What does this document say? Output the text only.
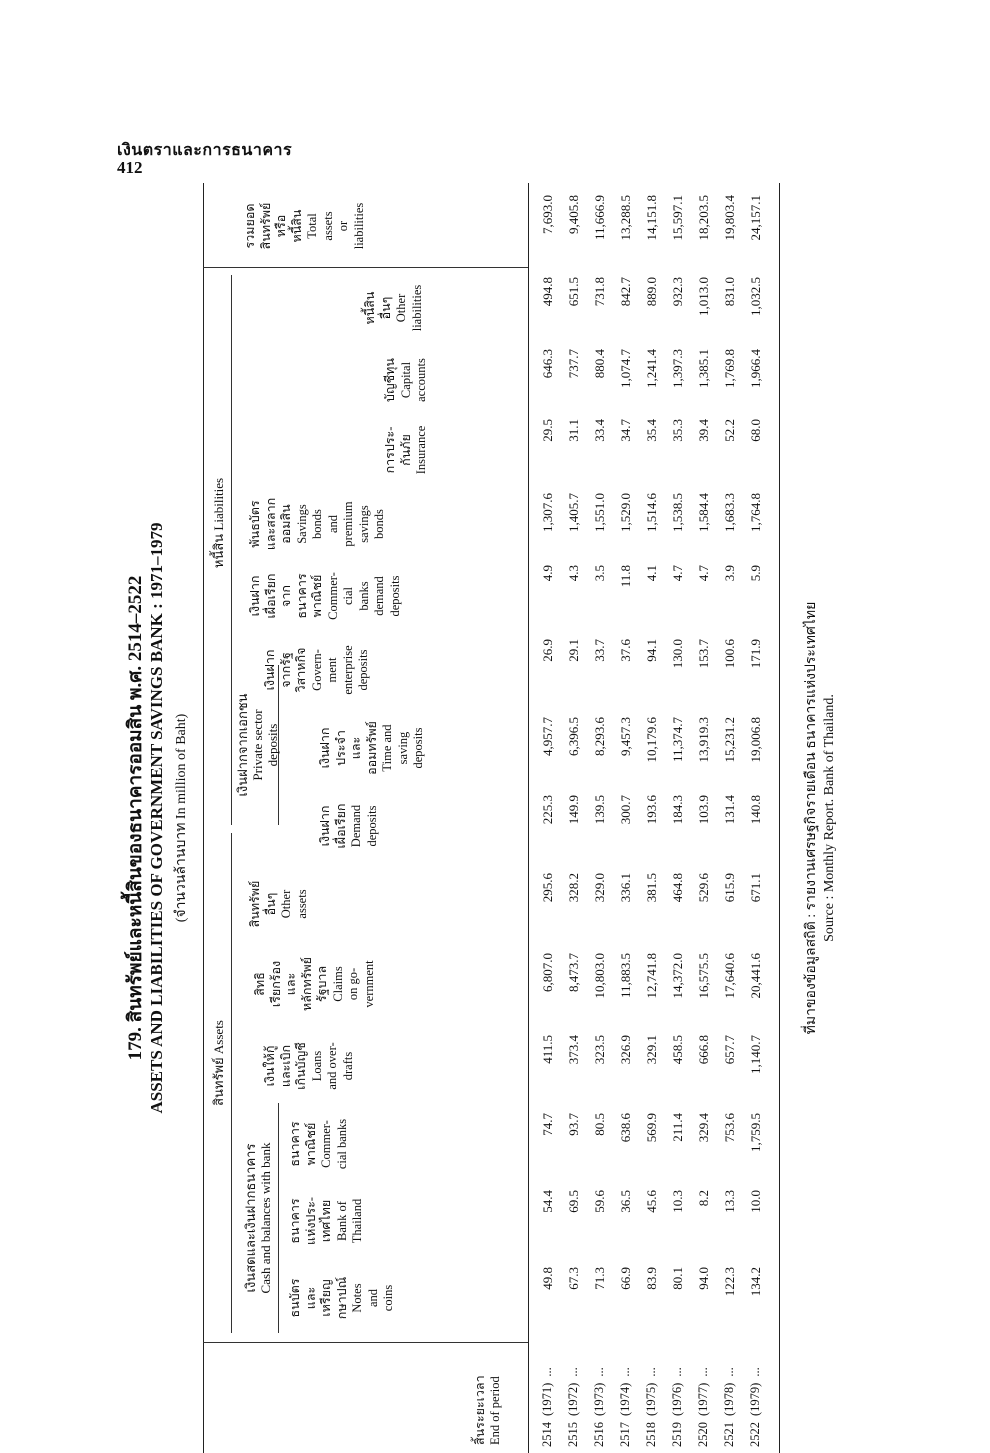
เงินตราและการธนาคาร
412
179. สินทรัพย์และหนี้สินของธนาคารออมสิน พ.ศ. 2514–2522 ASSETS AND LIABILITIES OF GOVERNMENT SAVINGS BANK : 1971–1979 (จำนวนล้านบาท In million of Baht)
สินทรัพย์ Assets
หนี้สิน Liabilities
เงินสดและเงินฝากธนาคาร Cash and balances with bank
เงินฝากจากเอกชน Private sector deposits
สิ้นระยะเวลา End of period
ธนบัตร และ เหรียญ กษาปณ์ Notes and coins
ธนาคาร แห่งประ- เทศไทย Bank of Thailand
ธนาคาร พาณิชย์ Commer- cial banks
เงินให้กู้ และเบิก เกินบัญชี Loans and over- drafts
สิทธิ เรียกร้อง และ หลักทรัพย์ รัฐบาล Claims on go- vernment
สินทรัพย์ อื่นๆ Other assets
เงินฝาก เผื่อเรียก Demand deposits
เงินฝาก ประจำ และ ออมทรัพย์ Time and saving deposits
เงินฝาก จากรัฐ วิสาหกิจ Govern- ment enterprise deposits
เงินฝาก เผื่อเรียก จาก ธนาคาร พาณิชย์ Commer- cial banks demand deposits
พันธบัตร และสลาก ออมสิน Savings bonds and premium savings bonds
การประ- กันภัย Insurance
บัญชีทุน Capital accounts
หนี้สิน อื่นๆ Other liabilities
รวมยอด สินทรัพย์ หรือ หนี้สิน Total assets or liabilities
2514
(1971)
...
49.8
54.4
74.7
411.5
6,807.0
295.6
225.3
4,957.7
26.9
4.9
1,307.6
29.5
646.3
494.8
7,693.0
2515
(1972)
...
67.3
69.5
93.7
373.4
8,473.7
328.2
149.9
6,396.5
29.1
4.3
1,405.7
31.1
737.7
651.5
9,405.8
2516
(1973)
...
71.3
59.6
80.5
323.5
10,803.0
329.0
139.5
8,293.6
33.7
3.5
1,551.0
33.4
880.4
731.8
11,666.9
2517
(1974)
...
66.9
36.5
638.6
326.9
11,883.5
336.1
300.7
9,457.3
37.6
11.8
1,529.0
34.7
1,074.7
842.7
13,288.5
2518
(1975)
...
83.9
45.6
569.9
329.1
12,741.8
381.5
193.6
10,179.6
94.1
4.1
1,514.6
35.4
1,241.4
889.0
14,151.8
2519
(1976)
...
80.1
10.3
211.4
458.5
14,372.0
464.8
184.3
11,374.7
130.0
4.7
1,538.5
35.3
1,397.3
932.3
15,597.1
2520
(1977)
...
94.0
8.2
329.4
666.8
16,575.5
529.6
103.9
13,919.3
153.7
4.7
1,584.4
39.4
1,385.1
1,013.0
18,203.5
2521
(1978)
...
122.3
13.3
753.6
657.7
17,640.6
615.9
131.4
15,231.2
100.6
3.9
1,683.3
52.2
1,769.8
831.0
19,803.4
2522
(1979)
...
134.2
10.0
1,759.5
1,140.7
20,441.6
671.1
140.8
19,006.8
171.9
5.9
1,764.8
68.0
1,966.4
1,032.5
24,157.1
ที่มาของข้อมูลสถิติ : รายงานเศรษฐกิจรายเดือน ธนาคารแห่งประเทศไทย Source : Monthly Report. Bank of Thailand.
